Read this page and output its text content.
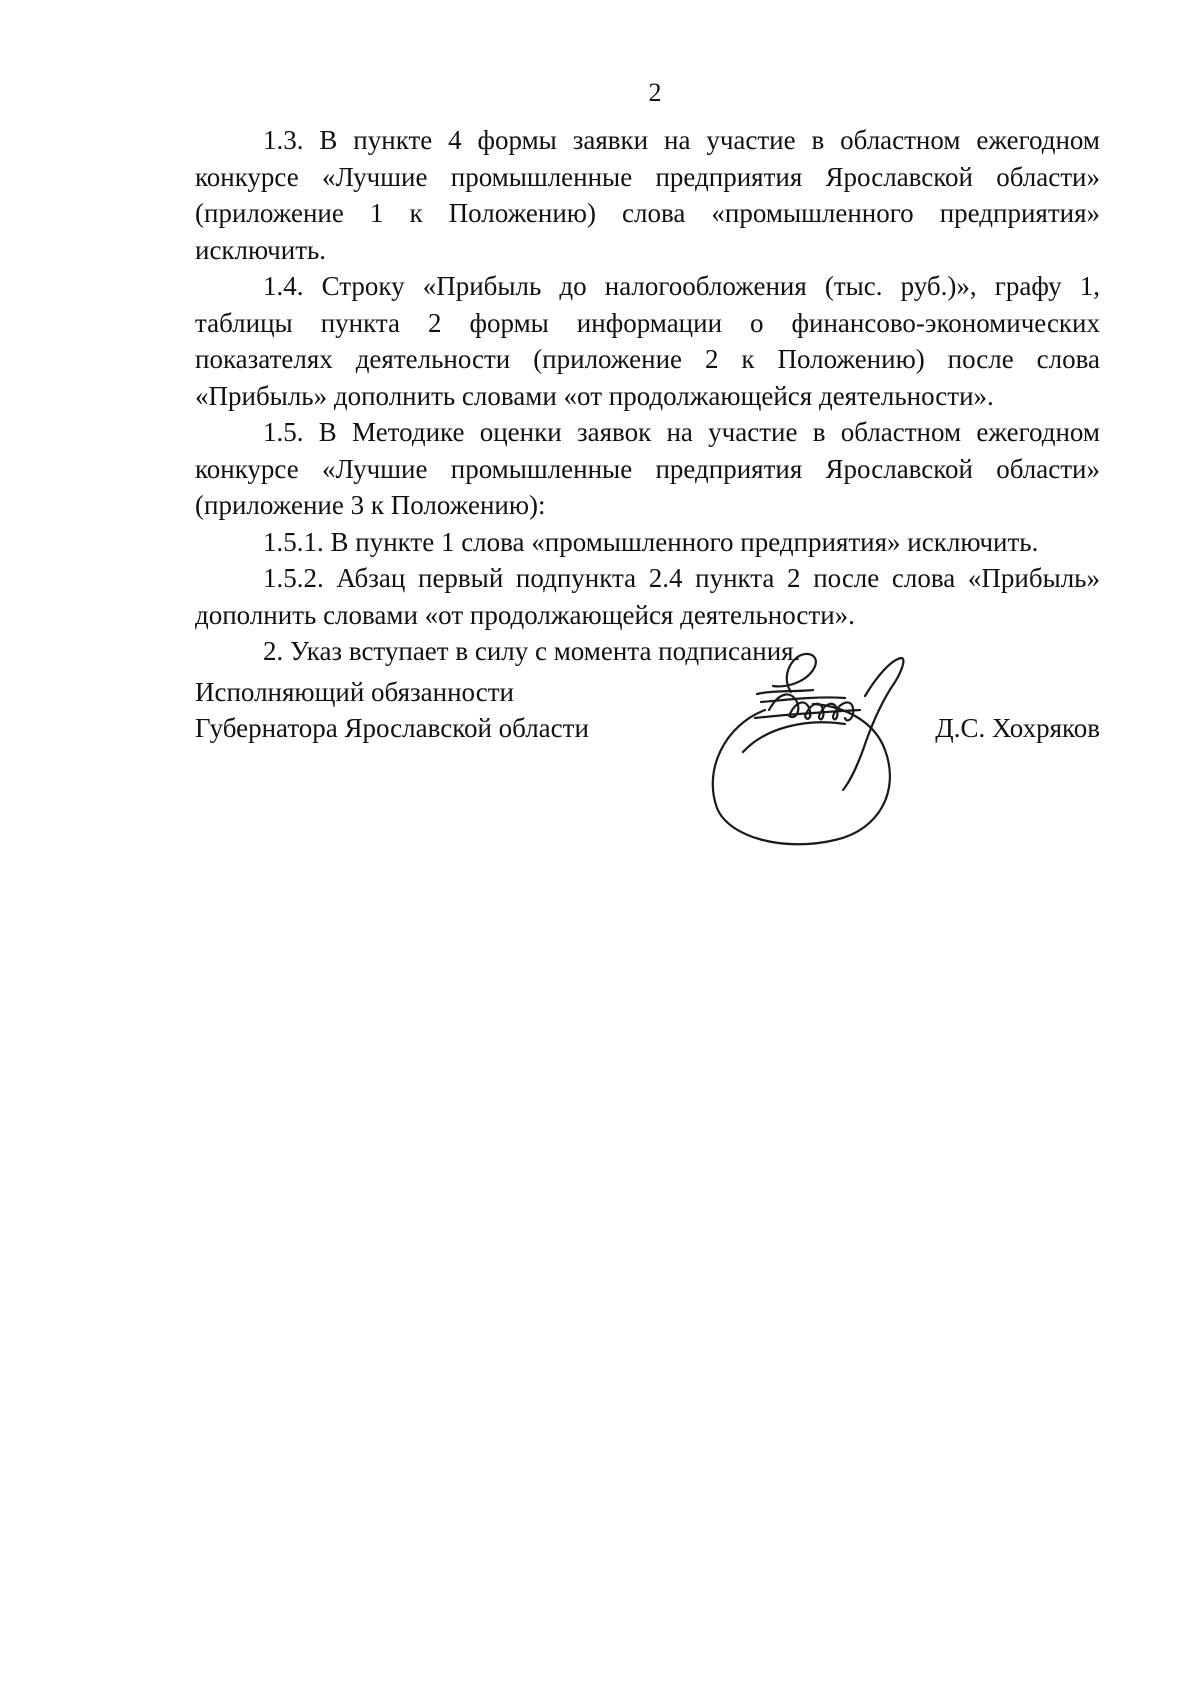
2

1.3. В пункте 4 формы заявки на участие в областном ежегодном конкурсе «Лучшие промышленные предприятия Ярославской области» (приложение 1 к Положению) слова «промышленного предприятия» исключить.

1.4. Строку «Прибыль до налогообложения (тыс. руб.)», графу 1, таблицы пункта 2 формы информации о финансово-экономических показателях деятельности (приложение 2 к Положению) после слова «Прибыль» дополнить словами «от продолжающейся деятельности».

1.5. В Методике оценки заявок на участие в областном ежегодном конкурсе «Лучшие промышленные предприятия Ярославской области» (приложение 3 к Положению):

1.5.1. В пункте 1 слова «промышленного предприятия» исключить.

1.5.2. Абзац первый подпункта 2.4 пункта 2 после слова «Прибыль» дополнить словами «от продолжающейся деятельности».

2. Указ вступает в силу с момента подписания.

Исполняющий обязанности
Губернатора Ярославской области	Д.С. Хохряков
